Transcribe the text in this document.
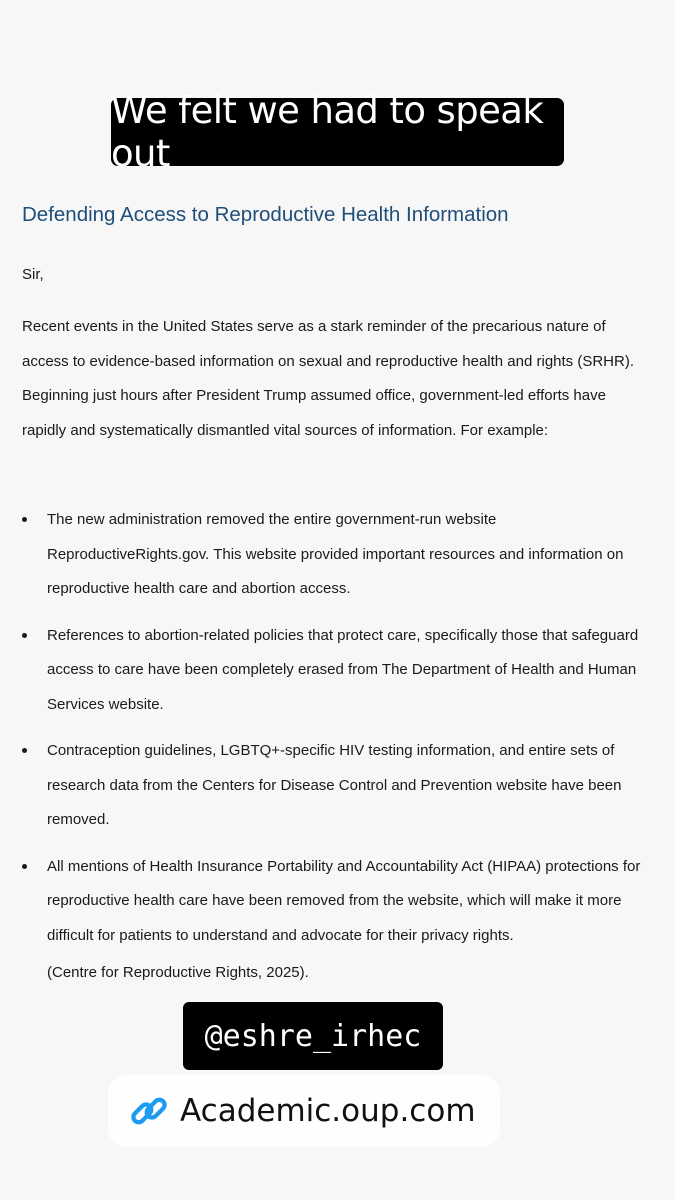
We felt we had to speak out
Defending Access to Reproductive Health Information

Sir,

Recent events in the United States serve as a stark reminder of the precarious nature of access to evidence-based information on sexual and reproductive health and rights (SRHR). Beginning just hours after President Trump assumed office, government-led efforts have rapidly and systematically dismantled vital sources of information. For example:

The new administration removed the entire government-run website ReproductiveRights.gov. This website provided important resources and information on reproductive health care and abortion access.
References to abortion-related policies that protect care, specifically those that safeguard access to care have been completely erased from The Department of Health and Human Services website.
Contraception guidelines, LGBTQ+-specific HIV testing information, and entire sets of research data from the Centers for Disease Control and Prevention website have been removed.
All mentions of Health Insurance Portability and Accountability Act (HIPAA) protections for reproductive health care have been removed from the website, which will make it more difficult for patients to understand and advocate for their privacy rights.

(Centre for Reproductive Rights, 2025).

@eshre_irhec
Academic.oup.com
